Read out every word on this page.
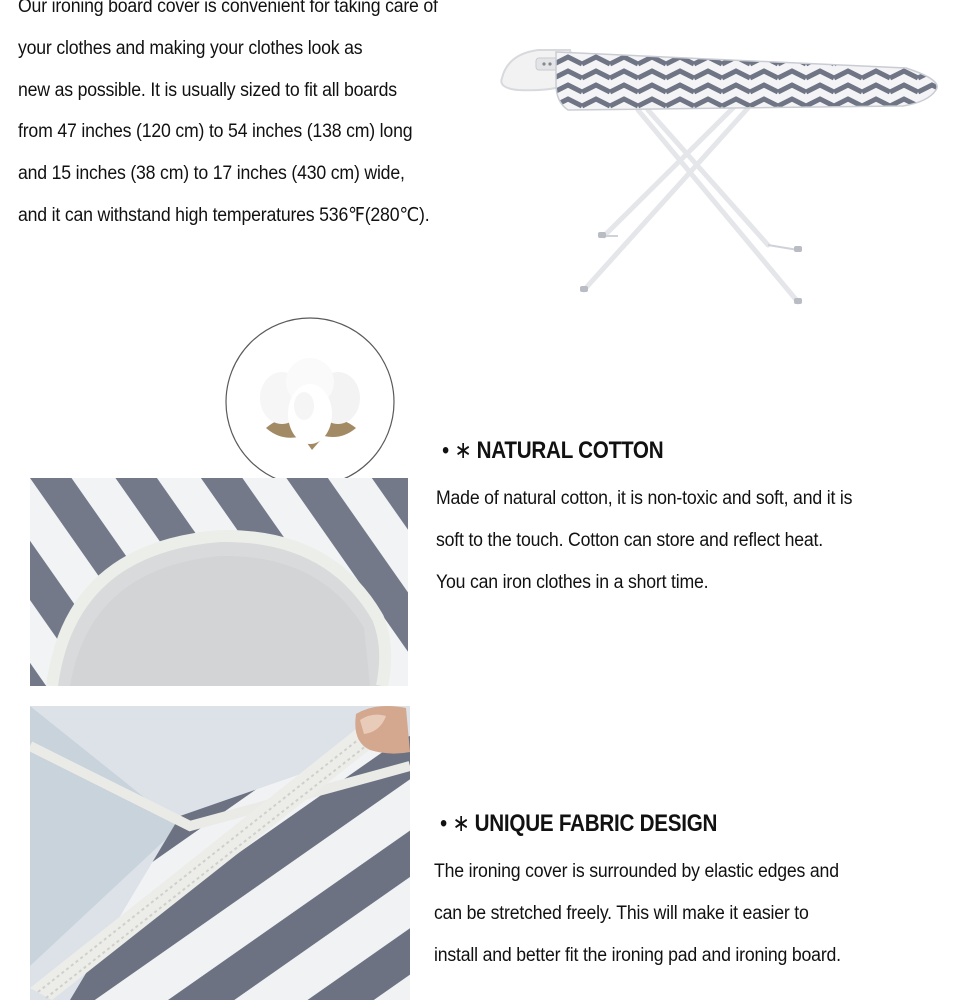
Our ironing board cover is convenient for taking care of

your clothes and making your clothes look as

new as possible. It is usually sized to fit all boards

from 47 inches (120 cm) to 54 inches (138 cm) long

and 15 inches (38 cm) to 17 inches (430 cm) wide,

and it can withstand high temperatures 536℉(280℃).

• ∗ NATURAL COTTON

Made of natural cotton, it is non-toxic and soft, and it is

soft to the touch. Cotton can store and reflect heat.

You can iron clothes in a short time.

• ∗ UNIQUE FABRIC DESIGN

The ironing cover is surrounded by elastic edges and

can be stretched freely. This will make it easier to

install and better fit the ironing pad and ironing board.
